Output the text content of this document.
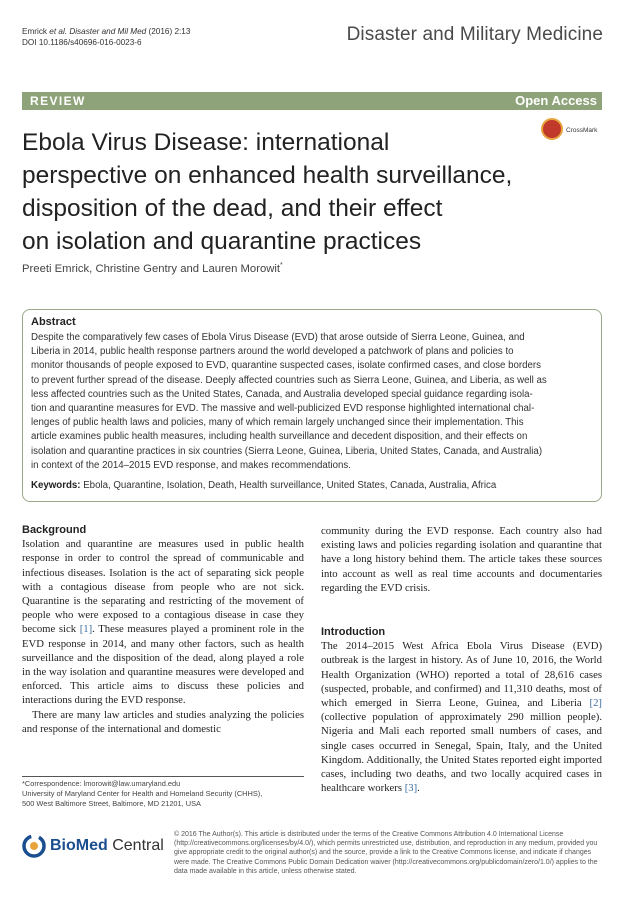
Emrick et al. Disaster and Mil Med (2016) 2:13
DOI 10.1186/s40696-016-0023-6	Disaster and Military Medicine
REVIEW	Open Access
CrossMark
Ebola Virus Disease: international
perspective on enhanced health surveillance,
disposition of the dead, and their effect
on isolation and quarantine practices
Preeti Emrick, Christine Gentry and Lauren Morowit*
Abstract
Despite the comparatively few cases of Ebola Virus Disease (EVD) that arose outside of Sierra Leone, Guinea, and
Liberia in 2014, public health response partners around the world developed a patchwork of plans and policies to
monitor thousands of people exposed to EVD, quarantine suspected cases, isolate confirmed cases, and close borders
to prevent further spread of the disease. Deeply affected countries such as Sierra Leone, Guinea, and Liberia, as well as
less affected countries such as the United States, Canada, and Australia developed special guidance regarding isola-
tion and quarantine measures for EVD. The massive and well-publicized EVD response highlighted international chal-
lenges of public health laws and policies, many of which remain largely unchanged since their implementation. This
article examines public health measures, including health surveillance and decedent disposition, and their effects on
isolation and quarantine practices in six countries (Sierra Leone, Guinea, Liberia, United States, Canada, and Australia)
in context of the 2014–2015 EVD response, and makes recommendations.
Keywords: Ebola, Quarantine, Isolation, Death, Health surveillance, United States, Canada, Australia, Africa
Background

Isolation and quarantine are measures used in public health response in order to control the spread of communicable and infectious diseases. Isolation is the act of separating sick people with a contagious disease from people who are not sick. Quarantine is the separating and restricting of the movement of people who were exposed to a contagious disease in case they become sick [1]. These measures played a prominent role in the EVD response in 2014, and many other factors, such as health surveillance and the disposition of the dead, along played a role in the way isolation and quarantine measures were developed and enforced. This article aims to discuss these policies and interactions during the EVD response.

There are many law articles and studies analyzing the policies and response of the international and domestic

community during the EVD response. Each country also had existing laws and policies regarding isolation and quarantine that have a long history behind them. The article takes these sources into account as well as real time accounts and documentaries regarding the EVD crisis.

Introduction

The 2014–2015 West Africa Ebola Virus Disease (EVD) outbreak is the largest in history. As of June 10, 2016, the World Health Organization (WHO) reported a total of 28,616 cases (suspected, probable, and confirmed) and 11,310 deaths, most of which emerged in Sierra Leone, Guinea, and Liberia [2] (collective population of approximately 290 million people). Nigeria and Mali each reported small numbers of cases, and single cases occurred in Senegal, Spain, Italy, and the United Kingdom. Additionally, the United States reported eight imported cases, including two deaths, and two locally acquired cases in healthcare workers [3].

*Correspondence: lmorowit@law.umaryland.edu
University of Maryland Center for Health and Homeland Security (CHHS),
500 West Baltimore Street, Baltimore, MD 21201, USA
BioMed Central
© 2016 The Author(s). This article is distributed under the terms of the Creative Commons Attribution 4.0 International License (http://creativecommons.org/licenses/by/4.0/), which permits unrestricted use, distribution, and reproduction in any medium, provided you give appropriate credit to the original author(s) and the source, provide a link to the Creative Commons license, and indicate if changes were made. The Creative Commons Public Domain Dedication waiver (http://creativecommons.org/publicdomain/zero/1.0/) applies to the data made available in this article, unless otherwise stated.
